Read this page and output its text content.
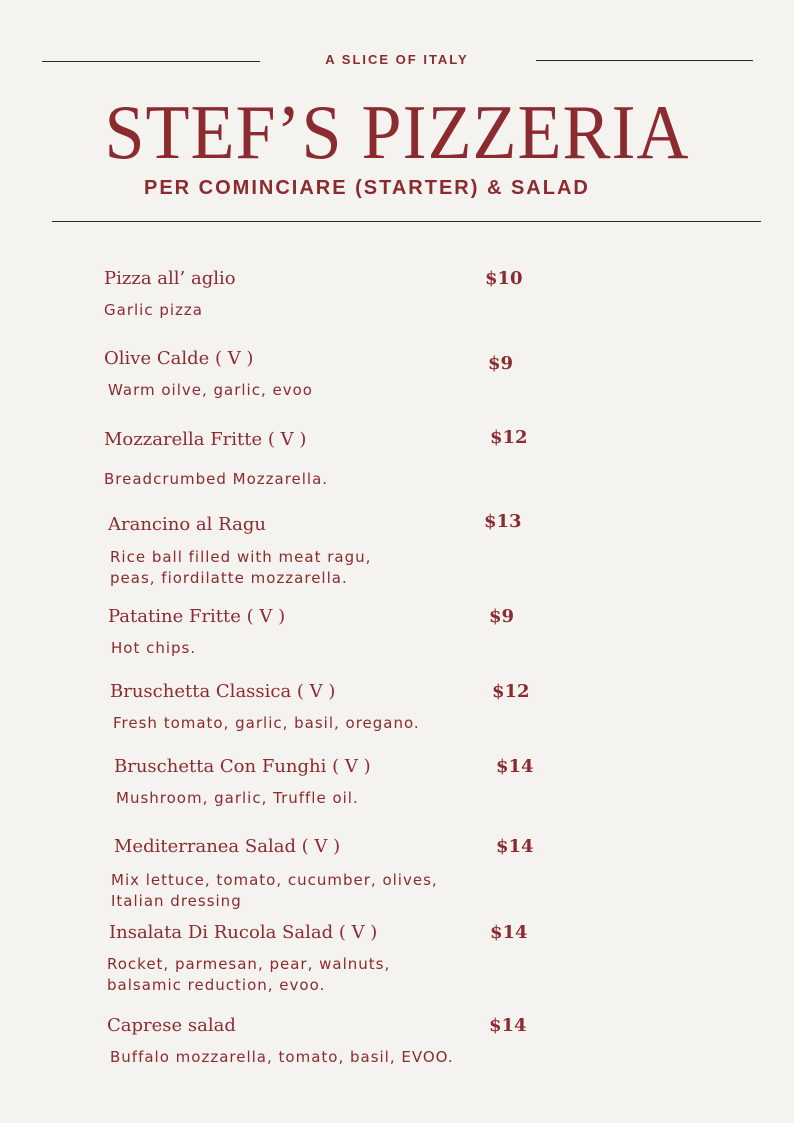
A SLICE OF ITALY
STEF’S PIZZERIA
PER COMINCIARE (STARTER) & SALAD
Pizza all’ aglio	$10
Garlic pizza
Olive Calde ( V )	$9
Warm oilve, garlic, evoo
Mozzarella Fritte ( V )	$12
Breadcrumbed Mozzarella.
Arancino al Ragu	$13
Rice ball filled with meat ragu,
peas, fiordilatte mozzarella.
Patatine Fritte ( V )	$9
Hot chips.
Bruschetta Classica ( V )	$12
Fresh tomato, garlic, basil, oregano.
Bruschetta Con Funghi ( V )	$14
Mushroom, garlic, Truffle oil.
Mediterranea Salad ( V )	$14
Mix lettuce, tomato, cucumber, olives,
Italian dressing
Insalata Di Rucola Salad ( V )	$14
Rocket, parmesan, pear, walnuts,
balsamic reduction, evoo.
Caprese salad	$14
Buffalo mozzarella, tomato, basil, EVOO.
